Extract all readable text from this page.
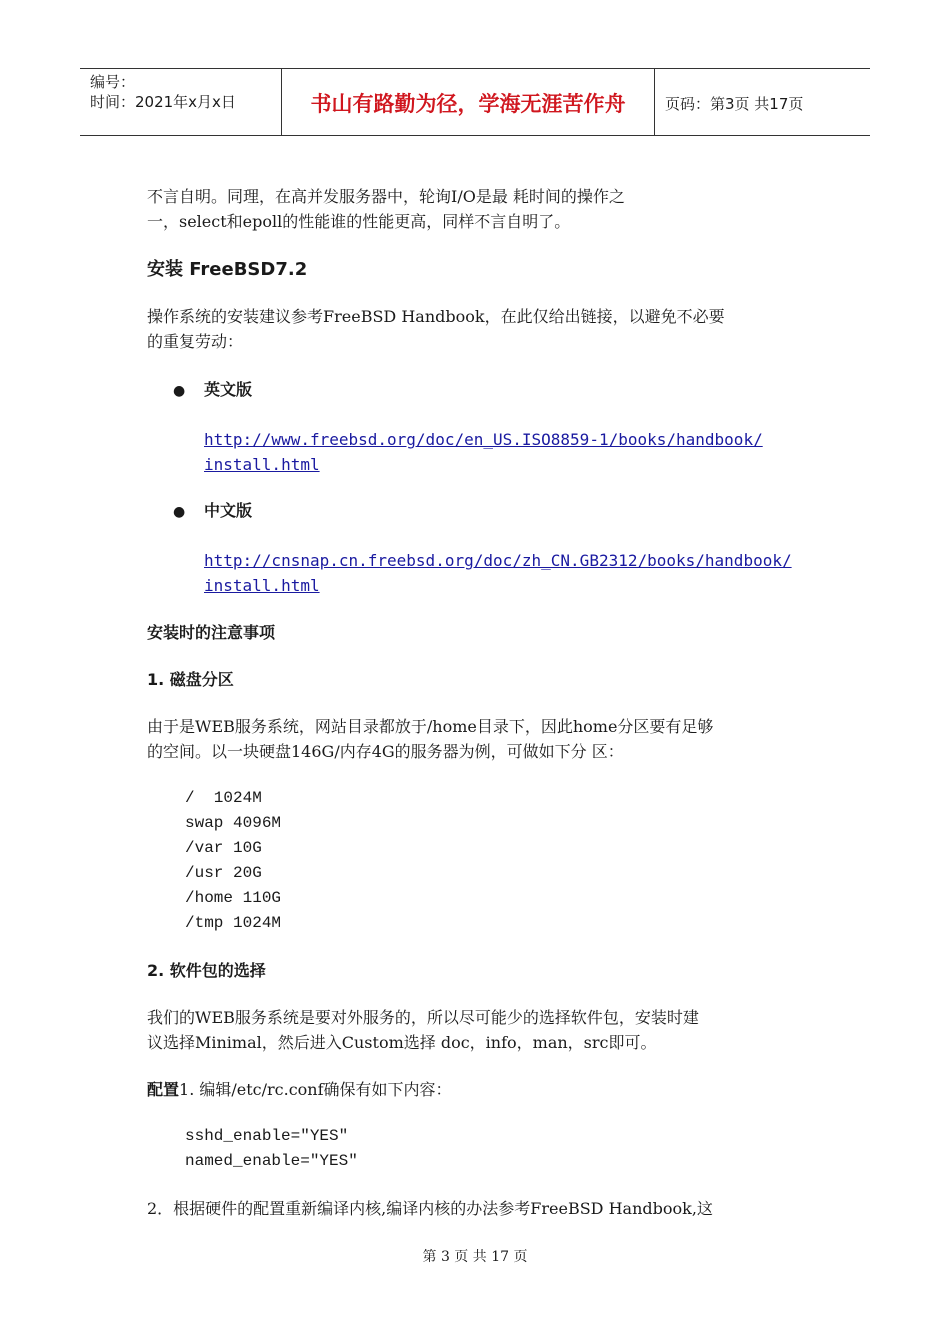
编号：
时间：2021年x月x日	书山有路勤为径，学海无涯苦作舟	页码：第3页 共17页

不言自明。同理，在高并发服务器中，轮询I/O是最 耗时间的操作之

一，select和epoll的性能谁的性能更高，同样不言自明了。

安装 FreeBSD7.2

操作系统的安装建议参考FreeBSD Handbook，在此仅给出链接，以避免不必要

的重复劳动：

●	英文版
http://www.freebsd.org/doc/en_US.ISO8859-1/books/handbook/
install.html
●	中文版
http://cnsnap.cn.freebsd.org/doc/zh_CN.GB2312/books/handbook/
install.html
安装时的注意事项
1. 磁盘分区

由于是WEB服务系统，网站目录都放于/home目录下，因此home分区要有足够

的空间。以一块硬盘146G/内存4G的服务器为例，可做如下分 区：

/  1024M
swap 4096M
/var 10G
/usr 20G
/home 110G
/tmp 1024M
2. 软件包的选择

我们的WEB服务系统是要对外服务的，所以尽可能少的选择软件包，安装时建

议选择Minimal，然后进入Custom选择 doc，info，man，src即可。

配置1. 编辑/etc/rc.conf确保有如下内容：

sshd_enable="YES"
named_enable="YES"

2．根据硬件的配置重新编译内核,编译内核的办法参考FreeBSD Handbook,这

第 3 页 共 17 页
